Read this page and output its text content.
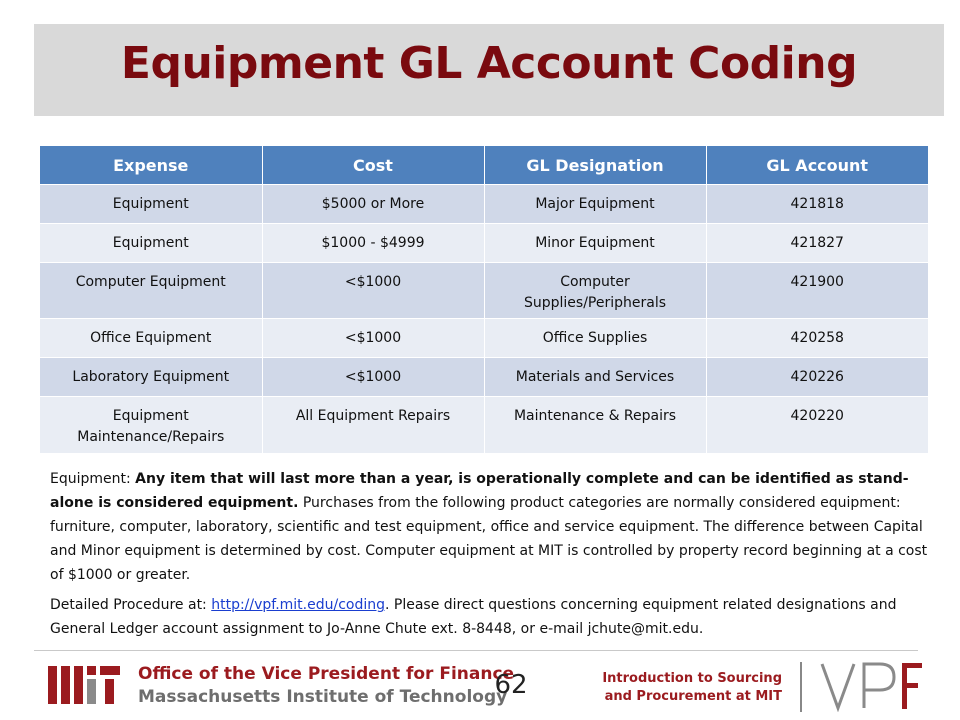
Equipment GL Account Coding
Expense	Cost	GL Designation	GL Account
Equipment	$5000 or More	Major Equipment	421818
Equipment	$1000 - $4999	Minor Equipment	421827
Computer Equipment	<$1000	Computer Supplies/Peripherals	421900
Office Equipment	<$1000	Office Supplies	420258
Laboratory Equipment	<$1000	Materials and Services	420226
Equipment Maintenance/Repairs	All Equipment Repairs	Maintenance & Repairs	420220

Equipment: Any item that will last more than a year, is operationally complete and can be identified as stand-alone is considered equipment. Purchases from the following product categories are normally considered equipment: furniture, computer, laboratory, scientific and test equipment, office and service equipment. The difference between Capital and Minor equipment is determined by cost. Computer equipment at MIT is controlled by property record beginning at a cost of $1000 or greater.

Detailed Procedure at: http://vpf.mit.edu/coding. Please direct questions concerning equipment related designations and General Ledger account assignment to Jo-Anne Chute ext. 8-8448, or e-mail jchute@mit.edu.

Office of the Vice President for Finance
Massachusetts Institute of Technology
62	Introduction to Sourcing
and Procurement at MIT
